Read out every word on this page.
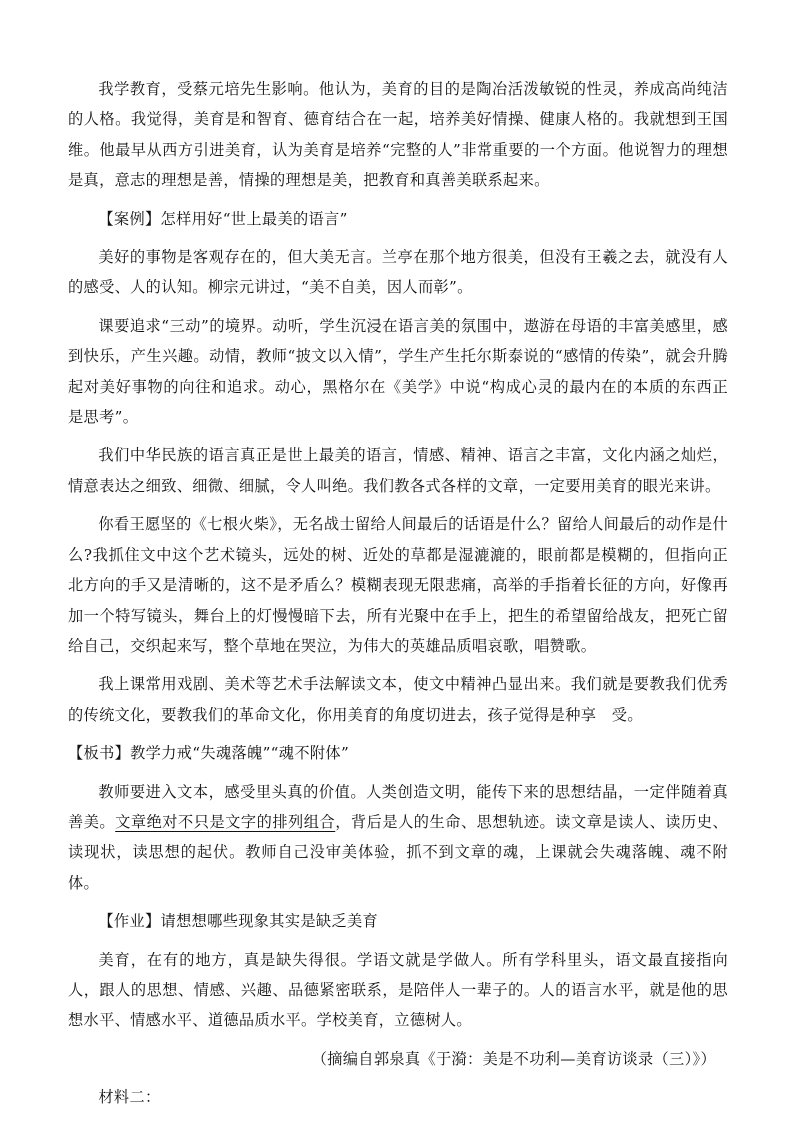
我学教育，受蔡元培先生影响。他认为，美育的目的是陶冶活泼敏锐的性灵，养成高尚纯洁的人格。我觉得，美育是和智育、德育结合在一起，培养美好情操、健康人格的。我就想到王国维。他最早从西方引进美育，认为美育是培养“完整的人”非常重要的一个方面。他说智力的理想是真，意志的理想是善，情操的理想是美，把教育和真善美联系起来。

【案例】怎样用好“世上最美的语言”

美好的事物是客观存在的，但大美无言。兰亭在那个地方很美，但没有王羲之去，就没有人的感受、人的认知。柳宗元讲过，“美不自美，因人而彰”。

课要追求“三动”的境界。动听，学生沉浸在语言美的氛围中，遨游在母语的丰富美感里，感到快乐，产生兴趣。动情，教师“披文以入情”，学生产生托尔斯泰说的“感情的传染”，就会升腾起对美好事物的向往和追求。动心，黑格尔在《美学》中说“构成心灵的最内在的本质的东西正是思考”。

我们中华民族的语言真正是世上最美的语言，情感、精神、语言之丰富，文化内涵之灿烂，情意表达之细致、细微、细腻，令人叫绝。我们教各式各样的文章，一定要用美育的眼光来讲。

你看王愿坚的《七根火柴》，无名战士留给人间最后的话语是什么？留给人间最后的动作是什么?我抓住文中这个艺术镜头，远处的树、近处的草都是湿漉漉的，眼前都是模糊的，但指向正北方向的手又是清晰的，这不是矛盾么？模糊表现无限悲痛，高举的手指着长征的方向，好像再加一个特写镜头，舞台上的灯慢慢暗下去，所有光聚中在手上，把生的希望留给战友，把死亡留给自己，交织起来写，整个草地在哭泣，为伟大的英雄品质唱哀歌，唱赞歌。

我上课常用戏剧、美术等艺术手法解读文本，使文中精神凸显出来。我们就是要教我们优秀的传统文化，要教我们的革命文化，你用美育的角度切进去，孩子觉得是种享　受。

【板书】教学力戒“失魂落魄”“魂不附体”

教师要进入文本，感受里头真的价值。人类创造文明，能传下来的思想结晶，一定伴随着真善美。文章绝对不只是文字的排列组合，背后是人的生命、思想轨迹。读文章是读人、读历史、读现状，读思想的起伏。教师自己没审美体验，抓不到文章的魂，上课就会失魂落魄、魂不附体。

【作业】请想想哪些现象其实是缺乏美育

美育，在有的地方，真是缺失得很。学语文就是学做人。所有学科里头，语文最直接指向人，跟人的思想、情感、兴趣、品德紧密联系，是陪伴人一辈子的。人的语言水平，就是他的思想水平、情感水平、道德品质水平。学校美育，立德树人。

（摘编自郭泉真《于漪：美是不功利—美育访谈录（三）》）

材料二：
